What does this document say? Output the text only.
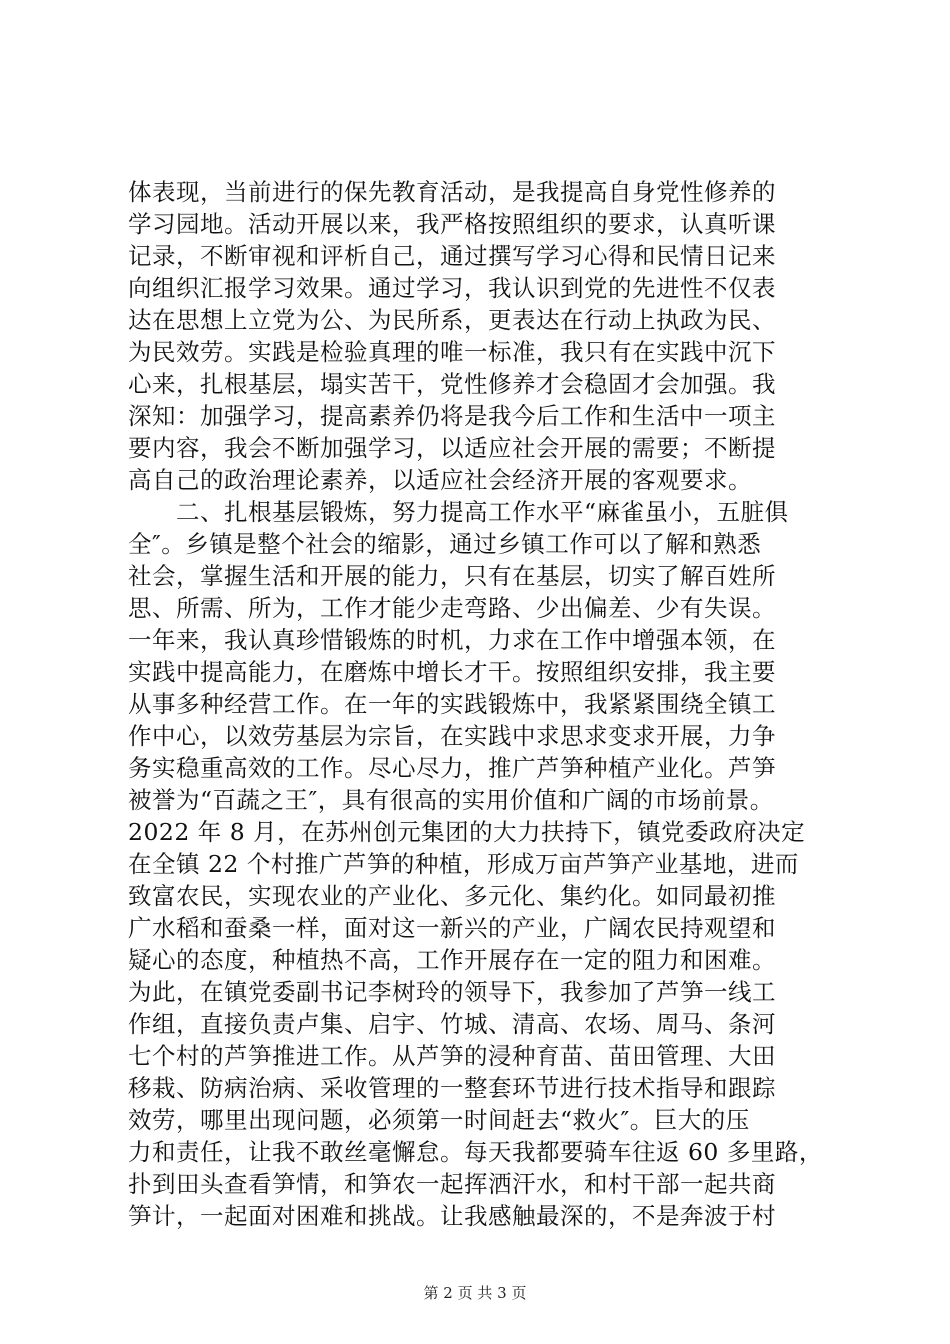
体表现，当前进行的保先教育活动，是我提高自身党性修养的
学习园地。活动开展以来，我严格按照组织的要求，认真听课
记录，不断审视和评析自己，通过撰写学习心得和民情日记来
向组织汇报学习效果。通过学习，我认识到党的先进性不仅表
达在思想上立党为公、为民所系，更表达在行动上执政为民、
为民效劳。实践是检验真理的唯一标准，我只有在实践中沉下
心来，扎根基层，塌实苦干，党性修养才会稳固才会加强。我
深知：加强学习，提高素养仍将是我今后工作和生活中一项主
要内容，我会不断加强学习，以适应社会开展的需要；不断提
高自己的政治理论素养，以适应社会经济开展的客观要求。
　　二、扎根基层锻炼，努力提高工作水平“麻雀虽小，五脏俱
全″。乡镇是整个社会的缩影，通过乡镇工作可以了解和熟悉
社会，掌握生活和开展的能力，只有在基层，切实了解百姓所
思、所需、所为，工作才能少走弯路、少出偏差、少有失误。
一年来，我认真珍惜锻炼的时机，力求在工作中增强本领，在
实践中提高能力，在磨炼中增长才干。按照组织安排，我主要
从事多种经营工作。在一年的实践锻炼中，我紧紧围绕全镇工
作中心，以效劳基层为宗旨，在实践中求思求变求开展，力争
务实稳重高效的工作。尽心尽力，推广芦笋种植产业化。芦笋
被誉为“百蔬之王″，具有很高的实用价值和广阔的市场前景。
2022 年 8 月，在苏州创元集团的大力扶持下，镇党委政府决定
在全镇 22 个村推广芦笋的种植，形成万亩芦笋产业基地，进而
致富农民，实现农业的产业化、多元化、集约化。如同最初推
广水稻和蚕桑一样，面对这一新兴的产业，广阔农民持观望和
疑心的态度，种植热不高，工作开展存在一定的阻力和困难。
为此，在镇党委副书记李树玲的领导下，我参加了芦笋一线工
作组，直接负责卢集、启宇、竹城、清高、农场、周马、条河
七个村的芦笋推进工作。从芦笋的浸种育苗、苗田管理、大田
移栽、防病治病、采收管理的一整套环节进行技术指导和跟踪
效劳，哪里出现问题，必须第一时间赶去“救火″。巨大的压
力和责任，让我不敢丝毫懈怠。每天我都要骑车往返 60 多里路，
扑到田头查看笋情，和笋农一起挥洒汗水，和村干部一起共商
笋计，一起面对困难和挑战。让我感触最深的，不是奔波于村
第 2 页 共 3 页
